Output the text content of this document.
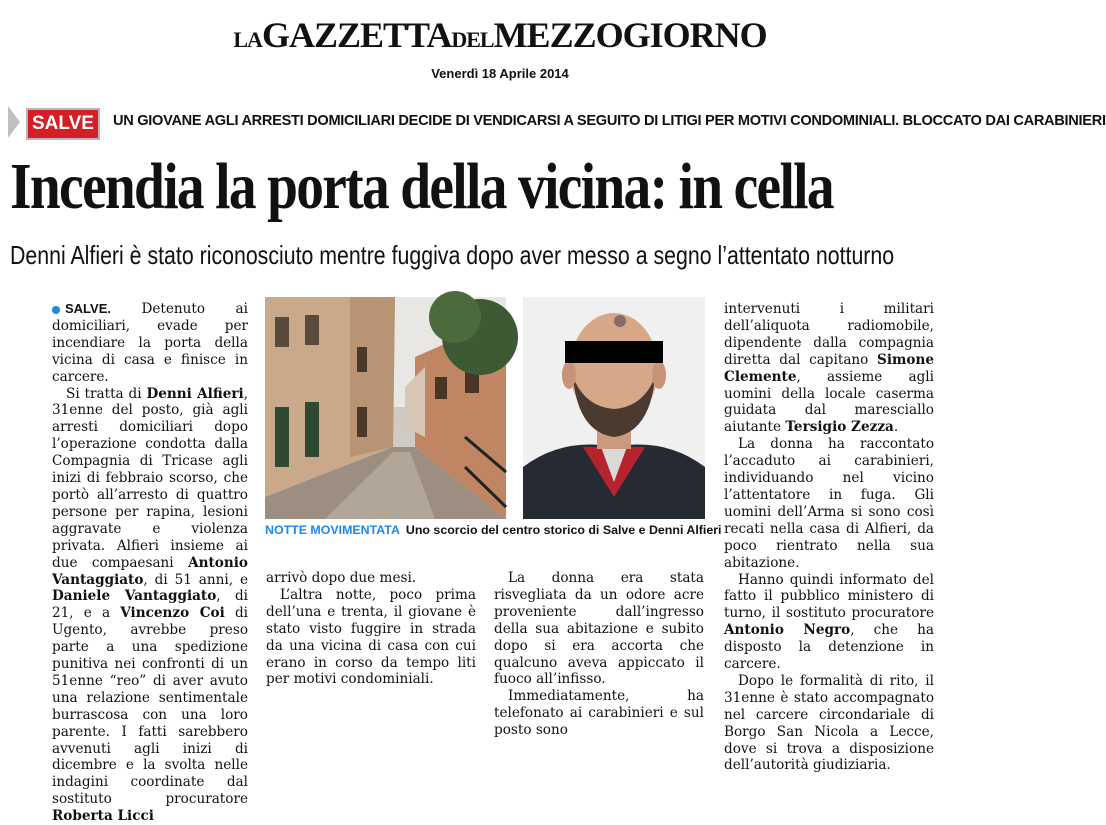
LAGAZZETTADELMEZZOGIORNO
Venerdì 18 Aprile 2014
SALVE	UN GIOVANE AGLI ARRESTI DOMICILIARI DECIDE DI VENDICARSI A SEGUITO DI LITIGI PER MOTIVI CONDOMINIALI. BLOCCATO DAI CARABINIERI
Incendia la porta della vicina: in cella
Denni Alfieri è stato riconosciuto mentre fuggiva dopo aver messo a segno l’attentato notturno

SALVE. Detenuto ai domiciliari, evade per incendiare la porta della vicina di casa e finisce in carcere.

Si tratta di Denni Alfieri, 31enne del posto, già agli arresti domiciliari dopo l’operazione condotta dalla Compagnia di Tricase agli inizi di febbraio scorso, che portò all’arresto di quattro persone per rapina, lesioni aggravate e violenza privata. Alfieri insieme ai due compaesani Antonio Vantaggiato, di 51 anni, e Daniele Vantaggiato, di 21, e a Vincenzo Coi di Ugento, avrebbe preso parte a una spedizione punitiva nei confronti di un 51enne “reo” di aver avuto una relazione sentimentale burrascosa con una loro parente. I fatti sarebbero avvenuti agli inizi di dicembre e la svolta nelle indagini coordinate dal sostituto procuratore Roberta Licci

NOTTE MOVIMENTATA Uno scorcio del centro storico di Salve e Denni Alfieri

arrivò dopo due mesi.

L’altra notte, poco prima dell’una e trenta, il giovane è stato visto fuggire in strada da una vicina di casa con cui erano in corso da tempo liti per motivi condominiali.

La donna era stata risvegliata da un odore acre proveniente dall’ingresso della sua abitazione e subito dopo si era accorta che qualcuno aveva appiccato il fuoco all’infisso.

Immediatamente, ha telefonato ai carabinieri e sul posto sono

intervenuti i militari dell’aliquota radiomobile, dipendente dalla compagnia diretta dal capitano Simone Clemente, assieme agli uomini della locale caserma guidata dal maresciallo aiutante Tersigio Zezza.

La donna ha raccontato l’accaduto ai carabinieri, individuando nel vicino l’attentatore in fuga. Gli uomini dell’Arma si sono così recati nella casa di Alfieri, da poco rientrato nella sua abitazione.

Hanno quindi informato del fatto il pubblico ministero di turno, il sostituto procuratore Antonio Negro, che ha disposto la detenzione in carcere.

Dopo le formalità di rito, il 31enne è stato accompagnato nel carcere circondariale di Borgo San Nicola a Lecce, dove si trova a disposizione dell’autorità giudiziaria.
